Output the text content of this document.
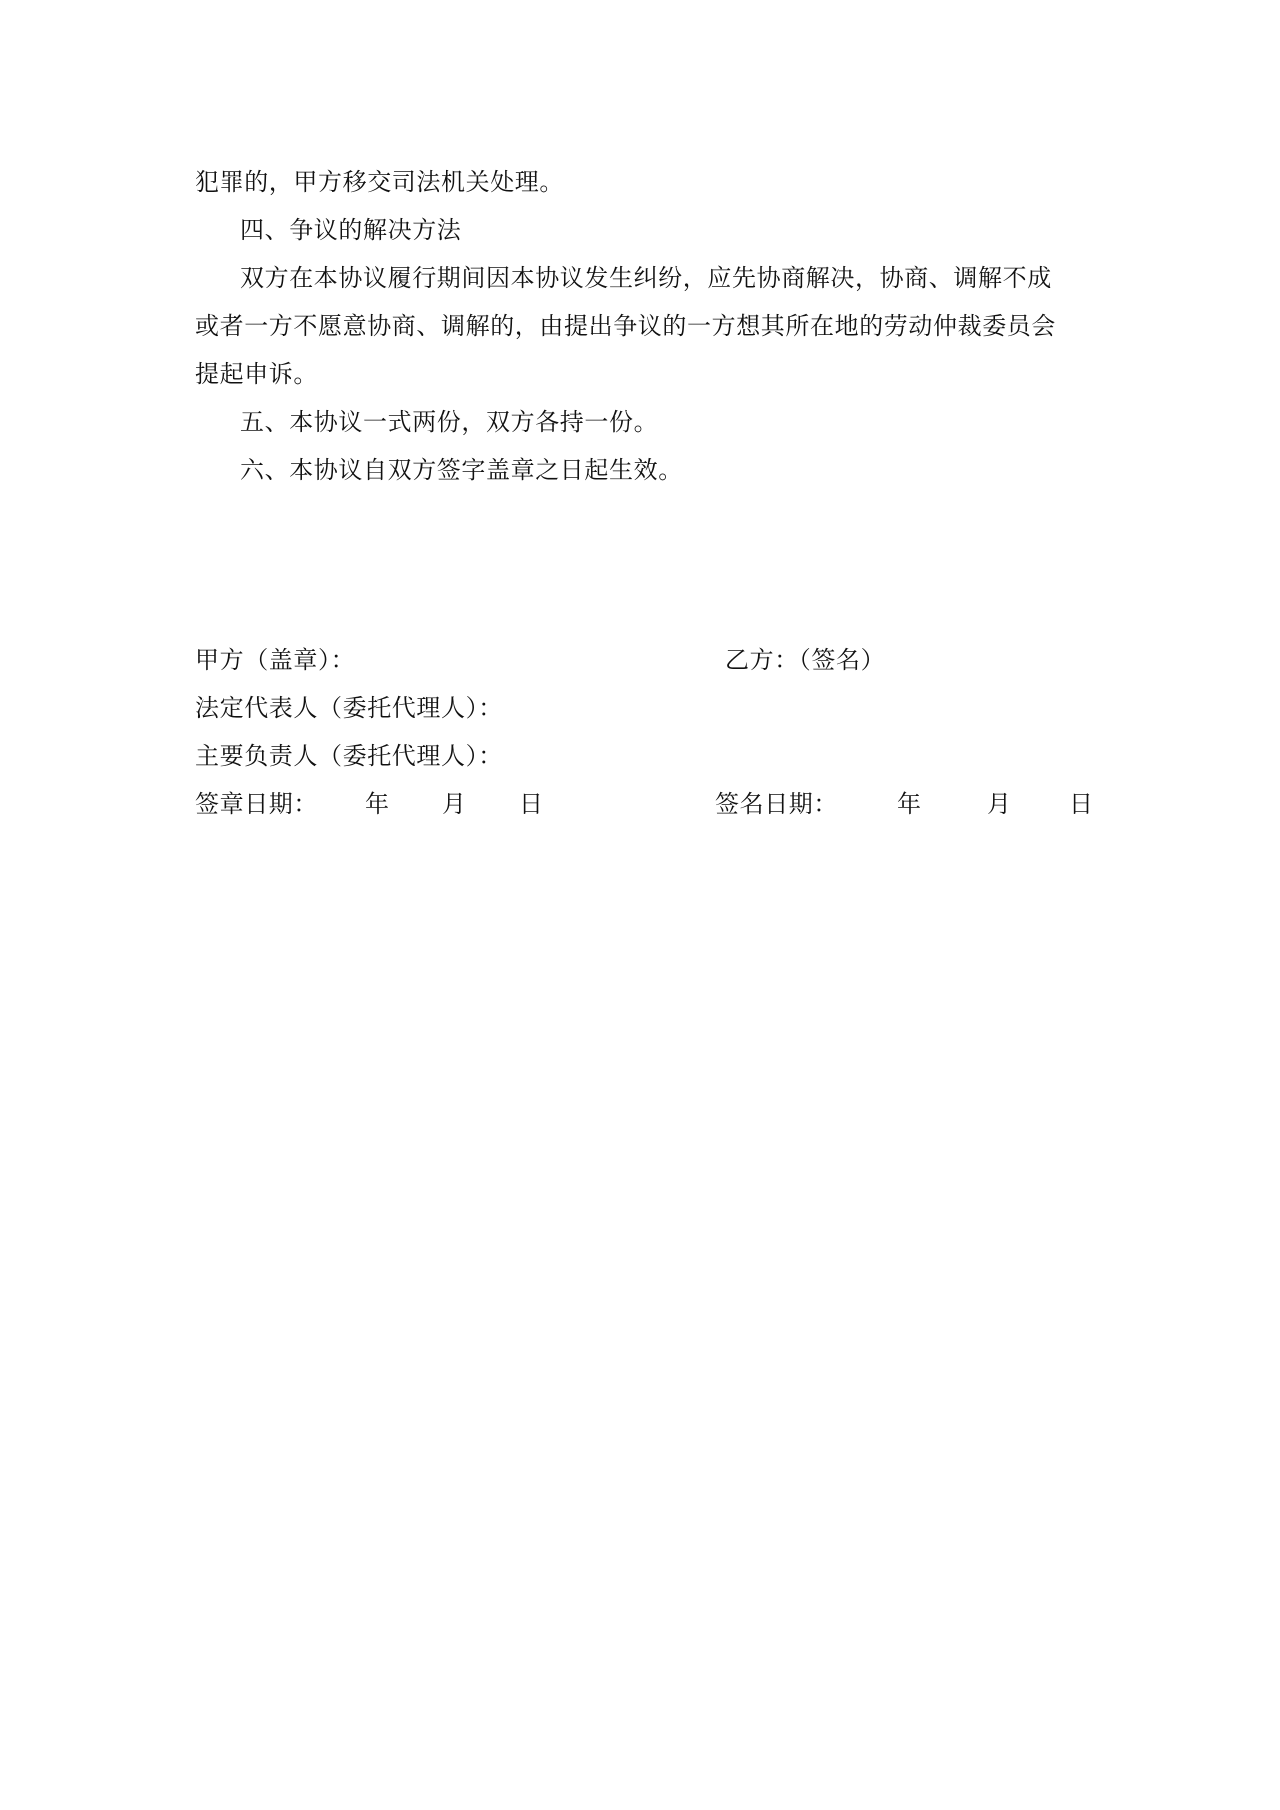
犯罪的，甲方移交司法机关处理。
四、争议的解决方法
双方在本协议履行期间因本协议发生纠纷，应先协商解决，协商、调解不成
或者一方不愿意协商、调解的，由提出争议的一方想其所在地的劳动仲裁委员会
提起申诉。
五、本协议一式两份，双方各持一份。
六、本协议自双方签字盖章之日起生效。
甲方（盖章）：	乙方：（签名）
法定代表人（委托代理人）：
主要负责人（委托代理人）：
签章日期： 年 月 日	签名日期： 年	月 日
